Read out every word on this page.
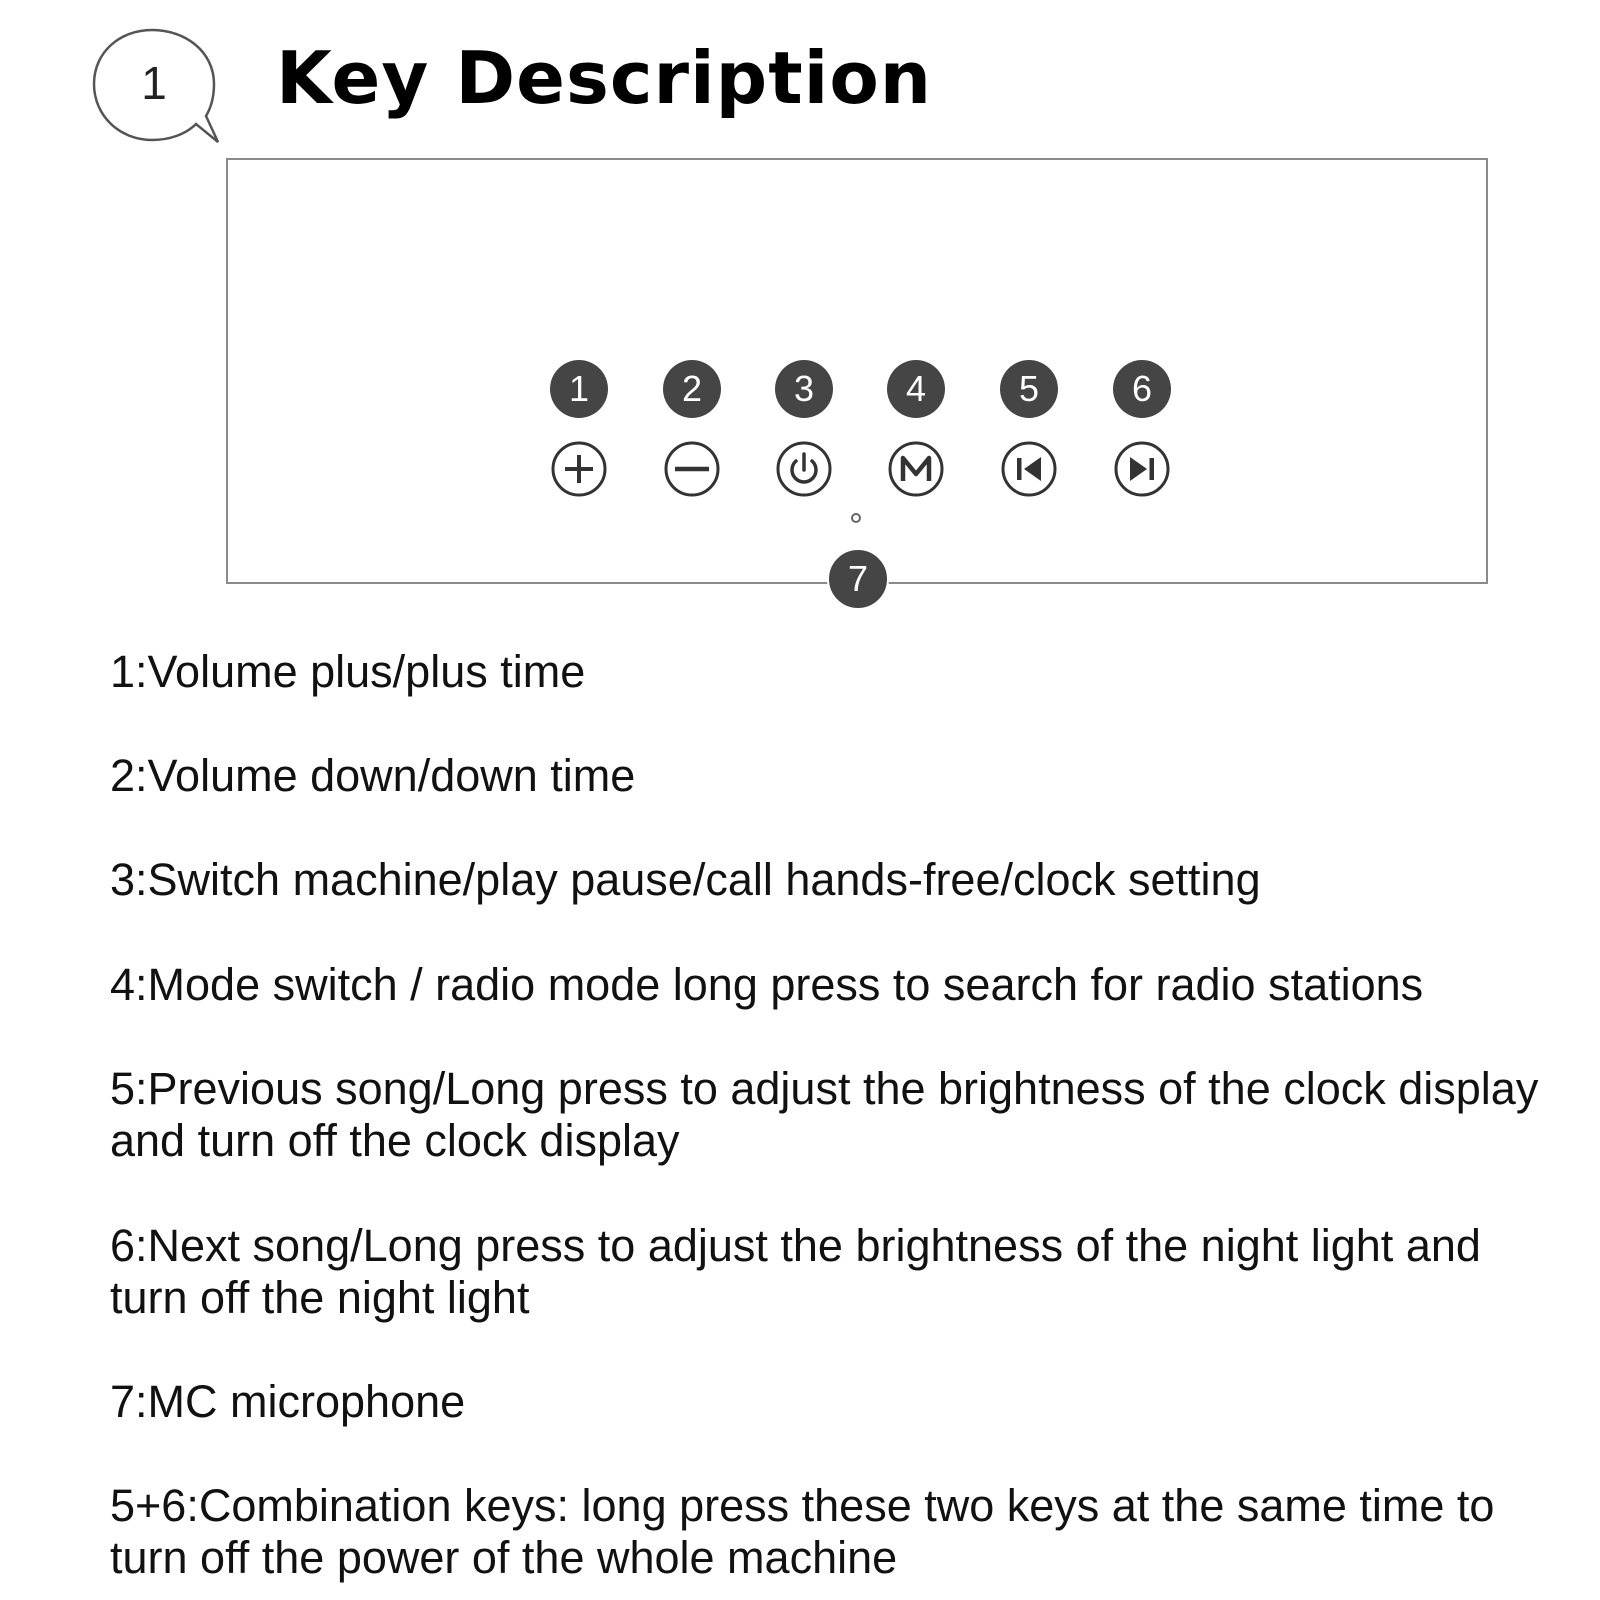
1 Key Description
1	2	3	4	5	6
7
1:Volume plus/plus time
2:Volume down/down time
3:Switch machine/play pause/call hands-free/clock setting
4:Mode switch / radio mode long press to search for radio stations
5:Previous song/Long press to adjust the brightness of the clock display and turn off the clock display
6:Next song/Long press to adjust the brightness of the night light and turn off the night light
7:MC microphone
5+6:Combination keys: long press these two keys at the same time to turn off the power of the whole machine
